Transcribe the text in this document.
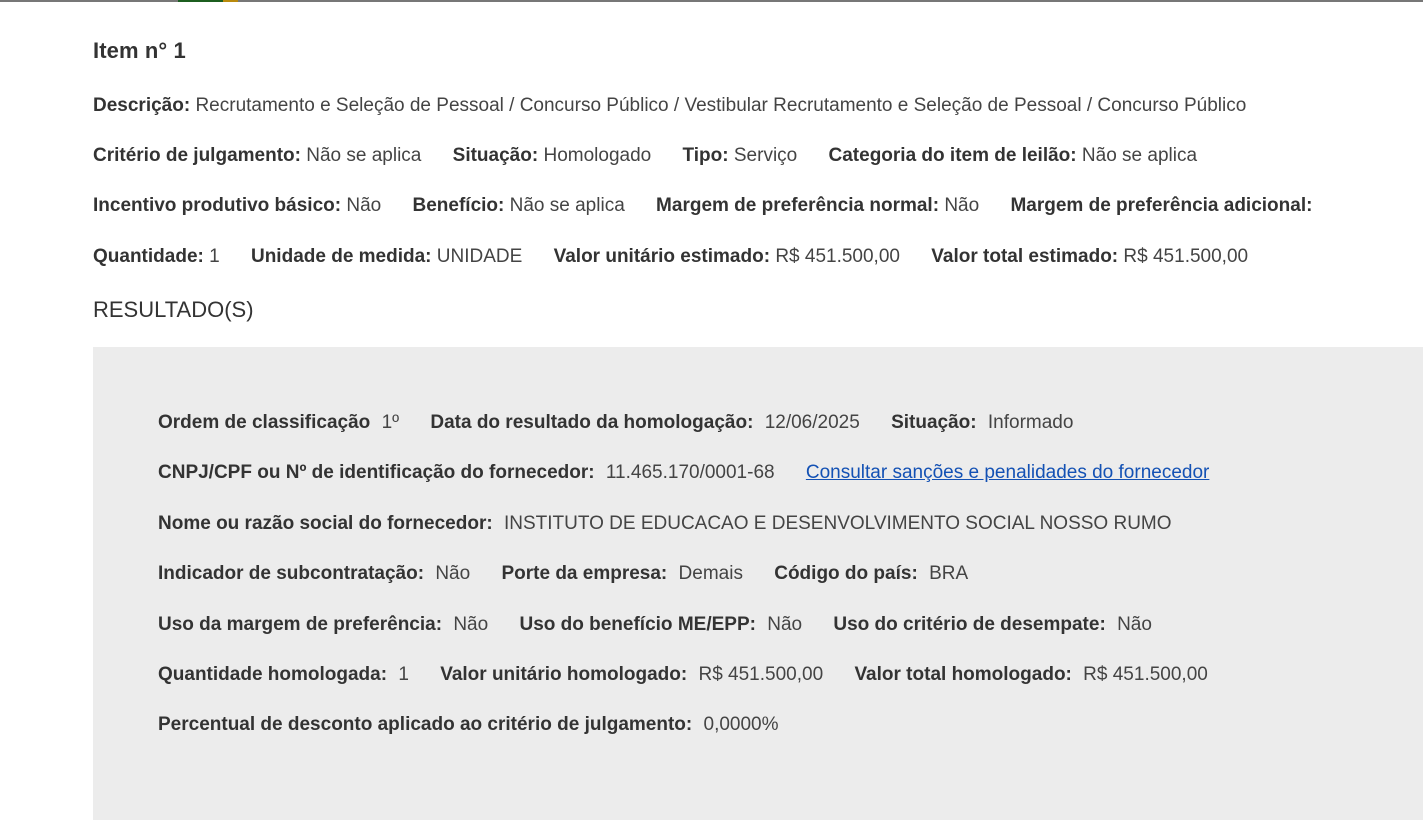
Item n° 1
Descrição: Recrutamento e Seleção de Pessoal / Concurso Público / Vestibular Recrutamento e Seleção de Pessoal / Concurso Público
Critério de julgamento: Não se aplica Situação: Homologado Tipo: Serviço Categoria do item de leilão: Não se aplica
Incentivo produtivo básico: Não Benefício: Não se aplica Margem de preferência normal: Não Margem de preferência adicional:
Quantidade: 1 Unidade de medida: UNIDADE Valor unitário estimado: R$ 451.500,00 Valor total estimado: R$ 451.500,00
RESULTADO(S)
Ordem de classificação 1º Data do resultado da homologação: 12/06/2025 Situação: Informado
CNPJ/CPF ou Nº de identificação do fornecedor: 11.465.170/0001-68 Consultar sanções e penalidades do fornecedor
Nome ou razão social do fornecedor: INSTITUTO DE EDUCACAO E DESENVOLVIMENTO SOCIAL NOSSO RUMO
Indicador de subcontratação: Não Porte da empresa: Demais Código do país: BRA
Uso da margem de preferência: Não Uso do benefício ME/EPP: Não Uso do critério de desempate: Não
Quantidade homologada: 1 Valor unitário homologado: R$ 451.500,00 Valor total homologado: R$ 451.500,00
Percentual de desconto aplicado ao critério de julgamento: 0,0000%
